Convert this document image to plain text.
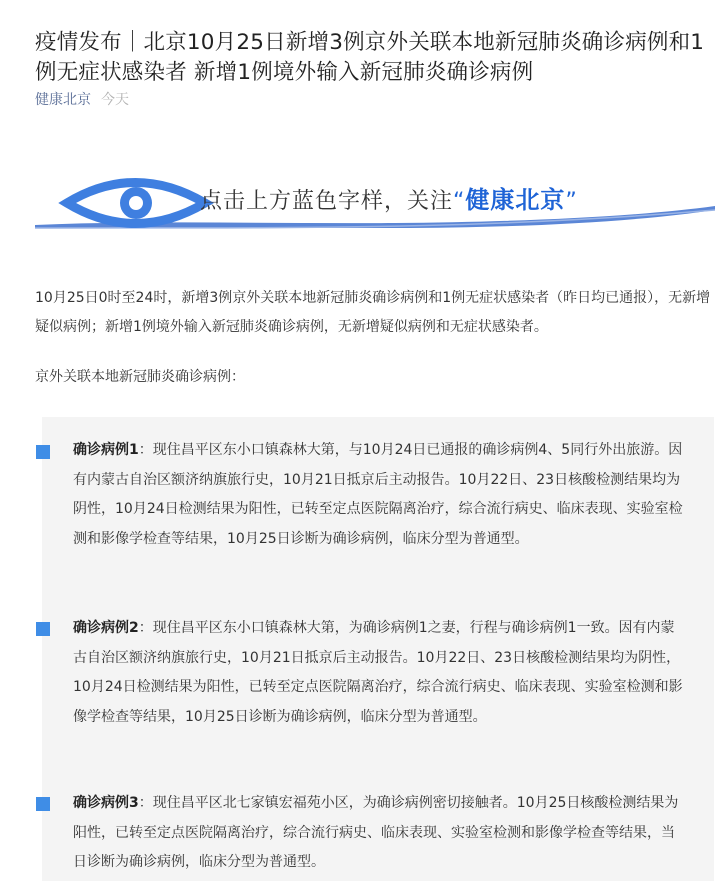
疫情发布｜北京10月25日新增3例京外关联本地新冠肺炎确诊病例和1例无症状感染者 新增1例境外输入新冠肺炎确诊病例
健康北京 今天
点击上方蓝色字样，关注“健康北京”

10月25日0时至24时，新增3例京外关联本地新冠肺炎确诊病例和1例无症状感染者（昨日均已通报），无新增疑似病例；新增1例境外输入新冠肺炎确诊病例，无新增疑似病例和无症状感染者。

京外关联本地新冠肺炎确诊病例：

确诊病例1：现住昌平区东小口镇森林大第，与10月24日已通报的确诊病例4、5同行外出旅游。因有内蒙古自治区额济纳旗旅行史，10月21日抵京后主动报告。10月22日、23日核酸检测结果均为阴性，10月24日检测结果为阳性，已转至定点医院隔离治疗，综合流行病史、临床表现、实验室检测和影像学检查等结果，10月25日诊断为确诊病例，临床分型为普通型。

确诊病例2：现住昌平区东小口镇森林大第，为确诊病例1之妻，行程与确诊病例1一致。因有内蒙古自治区额济纳旗旅行史，10月21日抵京后主动报告。10月22日、23日核酸检测结果均为阴性，10月24日检测结果为阳性，已转至定点医院隔离治疗，综合流行病史、临床表现、实验室检测和影像学检查等结果，10月25日诊断为确诊病例，临床分型为普通型。

确诊病例3：现住昌平区北七家镇宏福苑小区，为确诊病例密切接触者。10月25日核酸检测结果为阳性，已转至定点医院隔离治疗，综合流行病史、临床表现、实验室检测和影像学检查等结果，当日诊断为确诊病例，临床分型为普通型。
